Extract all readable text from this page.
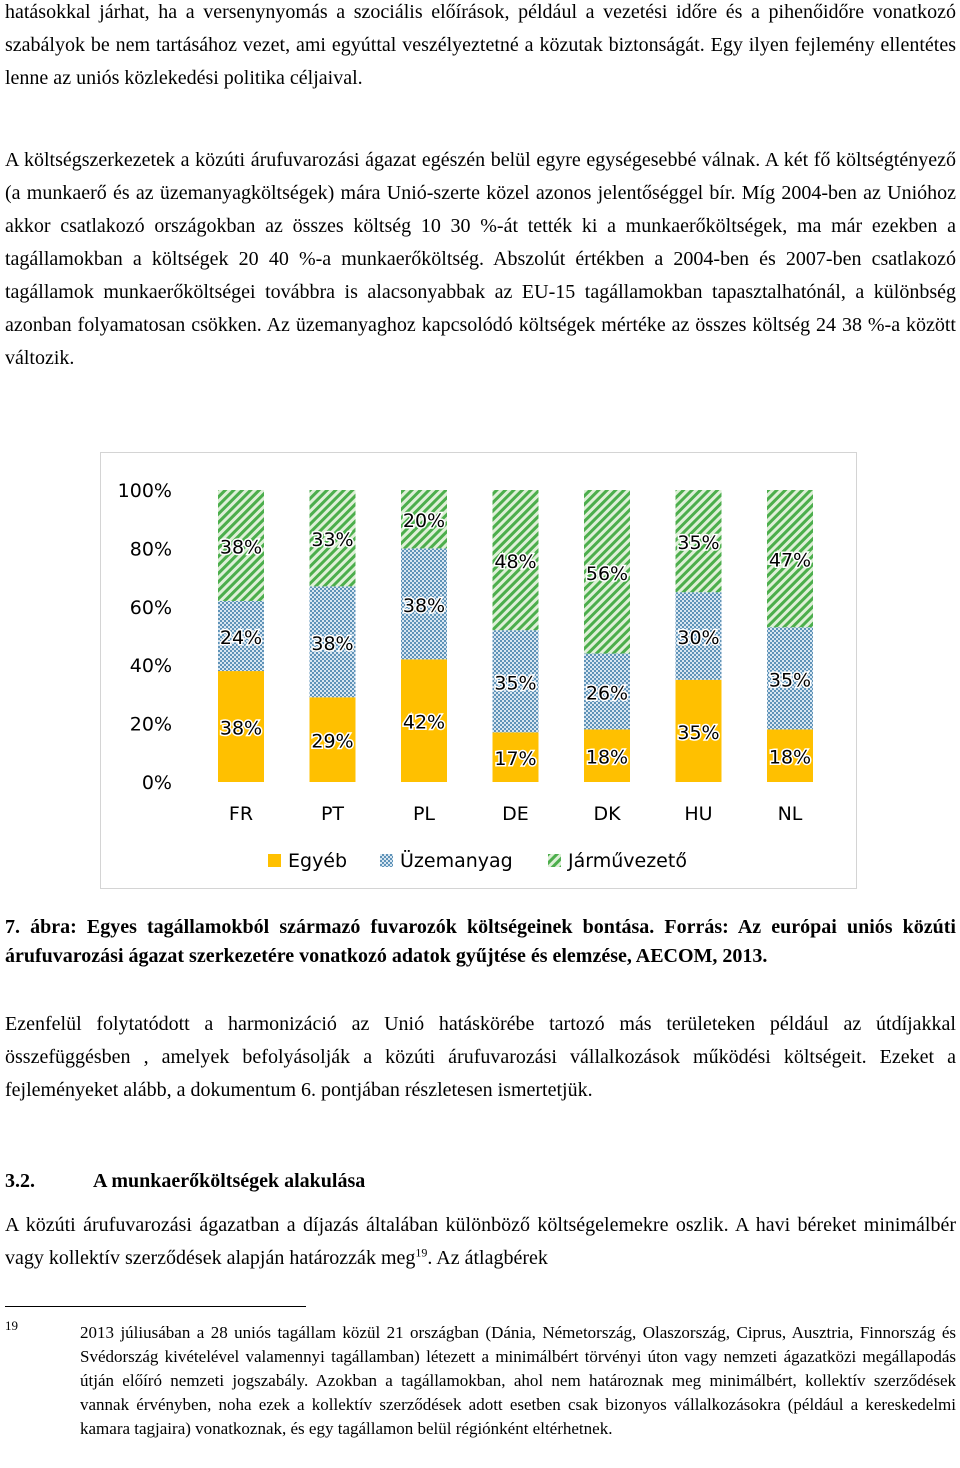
hatásokkal járhat, ha a versenynyomás a szociális előírások, például a vezetési időre és a pihenőidőre vonatkozó szabályok be nem tartásához vezet, ami egyúttal veszélyeztetné a közutak biztonságát. Egy ilyen fejlemény ellentétes lenne az uniós közlekedési politika céljaival.

A költségszerkezetek a közúti árufuvarozási ágazat egészén belül egyre egységesebbé válnak. A két fő költségtényező (a munkaerő és az üzemanyagköltségek) mára Unió-szerte közel azonos jelentőséggel bír. Míg 2004-ben az Unióhoz akkor csatlakozó országokban az összes költség 10 30 %-át tették ki a munkaerőköltségek, ma már ezekben a tagállamokban a költségek 20 40 %-a munkaerőköltség. Abszolút értékben a 2004-ben és 2007-ben csatlakozó tagállamok munkaerőköltségei továbbra is alacsonyabbak az EU-15 tagállamokban tapasztalhatónál, a különbség azonban folyamatosan csökken. Az üzemanyaghoz kapcsolódó költségek mértéke az összes költség 24 38 %-a között változik.

0%
20%
40%
60%
80%
100%
38%
24%
38%
29%
38%
33%
42%
38%
20%
17%
35%
48%
18%
26%
56%
35%
30%
35%
18%
35%
47%
FR	PT	PL	DE	DK	HU	NL
Egyéb	Üzemanyag	Járművezető

7. ábra: Egyes tagállamokból származó fuvarozók költségeinek bontása. Forrás: Az európai uniós közúti árufuvarozási ágazat szerkezetére vonatkozó adatok gyűjtése és elemzése, AECOM, 2013.

Ezenfelül folytatódott a harmonizáció az Unió hatáskörébe tartozó más területeken például az útdíjakkal összefüggésben , amelyek befolyásolják a közúti árufuvarozási vállalkozások működési költségeit. Ezeket a fejleményeket alább, a dokumentum 6. pontjában részletesen ismertetjük.

3.2.	A munkaerőköltségek alakulása

A közúti árufuvarozási ágazatban a díjazás általában különböző költségelemekre oszlik. A havi béreket minimálbér vagy kollektív szerződések alapján határozzák meg$^{19}$. Az átlagbérek

19	2013 júliusában a 28 uniós tagállam közül 21 országban (Dánia, Németország, Olaszország, Ciprus, Ausztria, Finnország és Svédország kivételével valamennyi tagállamban) létezett a minimálbért törvényi úton vagy nemzeti ágazatközi megállapodás útján előíró nemzeti jogszabály. Azokban a tagállamokban, ahol nem határoznak meg minimálbért, kollektív szerződések vannak érvényben, noha ezek a kollektív szerződések adott esetben csak bizonyos vállalkozásokra (például a kereskedelmi kamara tagjaira) vonatkoznak, és egy tagállamon belül régiónként eltérhetnek.
